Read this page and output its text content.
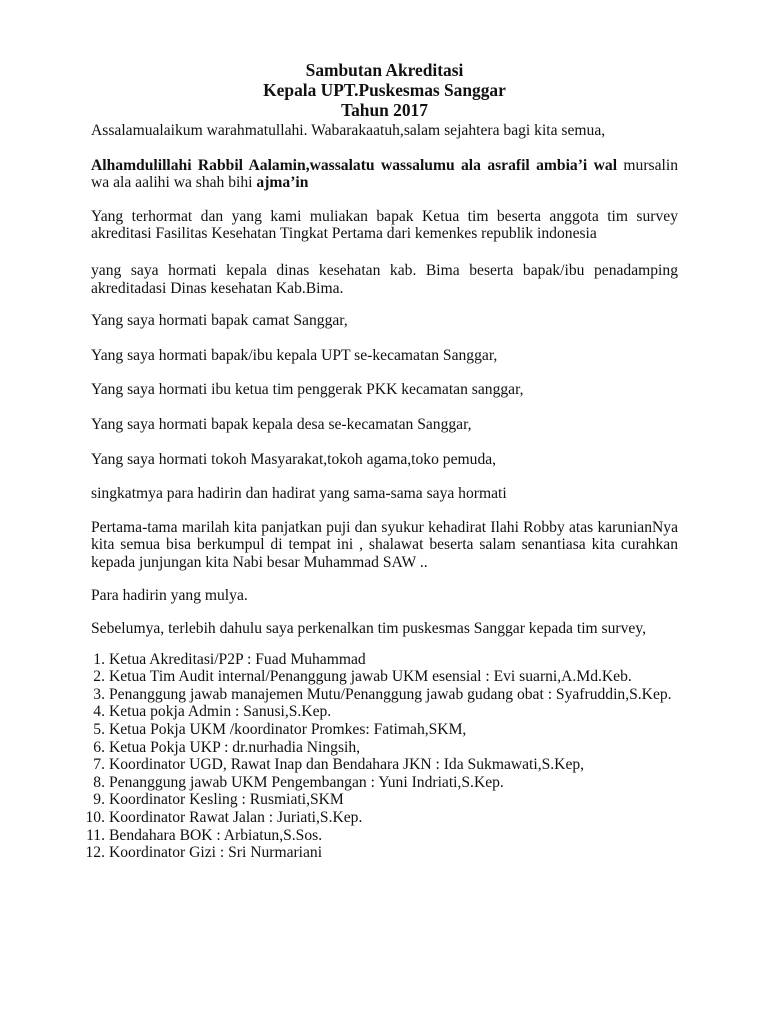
Sambutan Akreditasi
Kepala UPT.Puskesmas Sanggar
Tahun 2017

Assalamualaikum warahmatullahi. Wabarakaatuh,salam sejahtera bagi kita semua,

Alhamdulillahi Rabbil Aalamin,wassalatu wassalumu ala asrafil ambia’i wal mursalin wa ala aalihi wa shah bihi ajma’in

Yang terhormat dan yang kami muliakan bapak Ketua tim beserta anggota tim survey akreditasi Fasilitas Kesehatan Tingkat Pertama dari kemenkes republik indonesia

yang saya hormati kepala dinas kesehatan kab. Bima beserta bapak/ibu penadamping akreditadasi Dinas kesehatan Kab.Bima.

Yang saya hormati bapak camat Sanggar,

Yang saya hormati bapak/ibu kepala UPT se-kecamatan Sanggar,

Yang saya hormati ibu ketua tim penggerak PKK kecamatan sanggar,

Yang saya hormati bapak kepala desa se-kecamatan Sanggar,

Yang saya hormati tokoh Masyarakat,tokoh agama,toko pemuda,

singkatmya para hadirin dan hadirat yang sama-sama saya hormati

Pertama-tama marilah kita panjatkan puji dan syukur kehadirat Ilahi Robby atas karunianNya kita semua bisa berkumpul di tempat ini , shalawat beserta salam senantiasa kita curahkan kepada junjungan kita Nabi besar Muhammad SAW ..

Para hadirin yang mulya.

Sebelumya, terlebih dahulu saya perkenalkan tim puskesmas Sanggar kepada tim survey,

1. Ketua Akreditasi/P2P : Fuad Muhammad
2. Ketua Tim Audit internal/Penanggung jawab UKM esensial : Evi suarni,A.Md.Keb.
3. Penanggung jawab manajemen Mutu/Penanggung jawab gudang obat : Syafruddin,S.Kep.
4. Ketua pokja Admin : Sanusi,S.Kep.
5. Ketua Pokja UKM /koordinator Promkes: Fatimah,SKM,
6. Ketua Pokja UKP : dr.nurhadia Ningsih,
7. Koordinator UGD, Rawat Inap dan Bendahara JKN : Ida Sukmawati,S.Kep,
8. Penanggung jawab UKM Pengembangan : Yuni Indriati,S.Kep.
9. Koordinator Kesling : Rusmiati,SKM
10. Koordinator Rawat Jalan : Juriati,S.Kep.
11. Bendahara BOK : Arbiatun,S.Sos.
12. Koordinator Gizi : Sri Nurmariani
